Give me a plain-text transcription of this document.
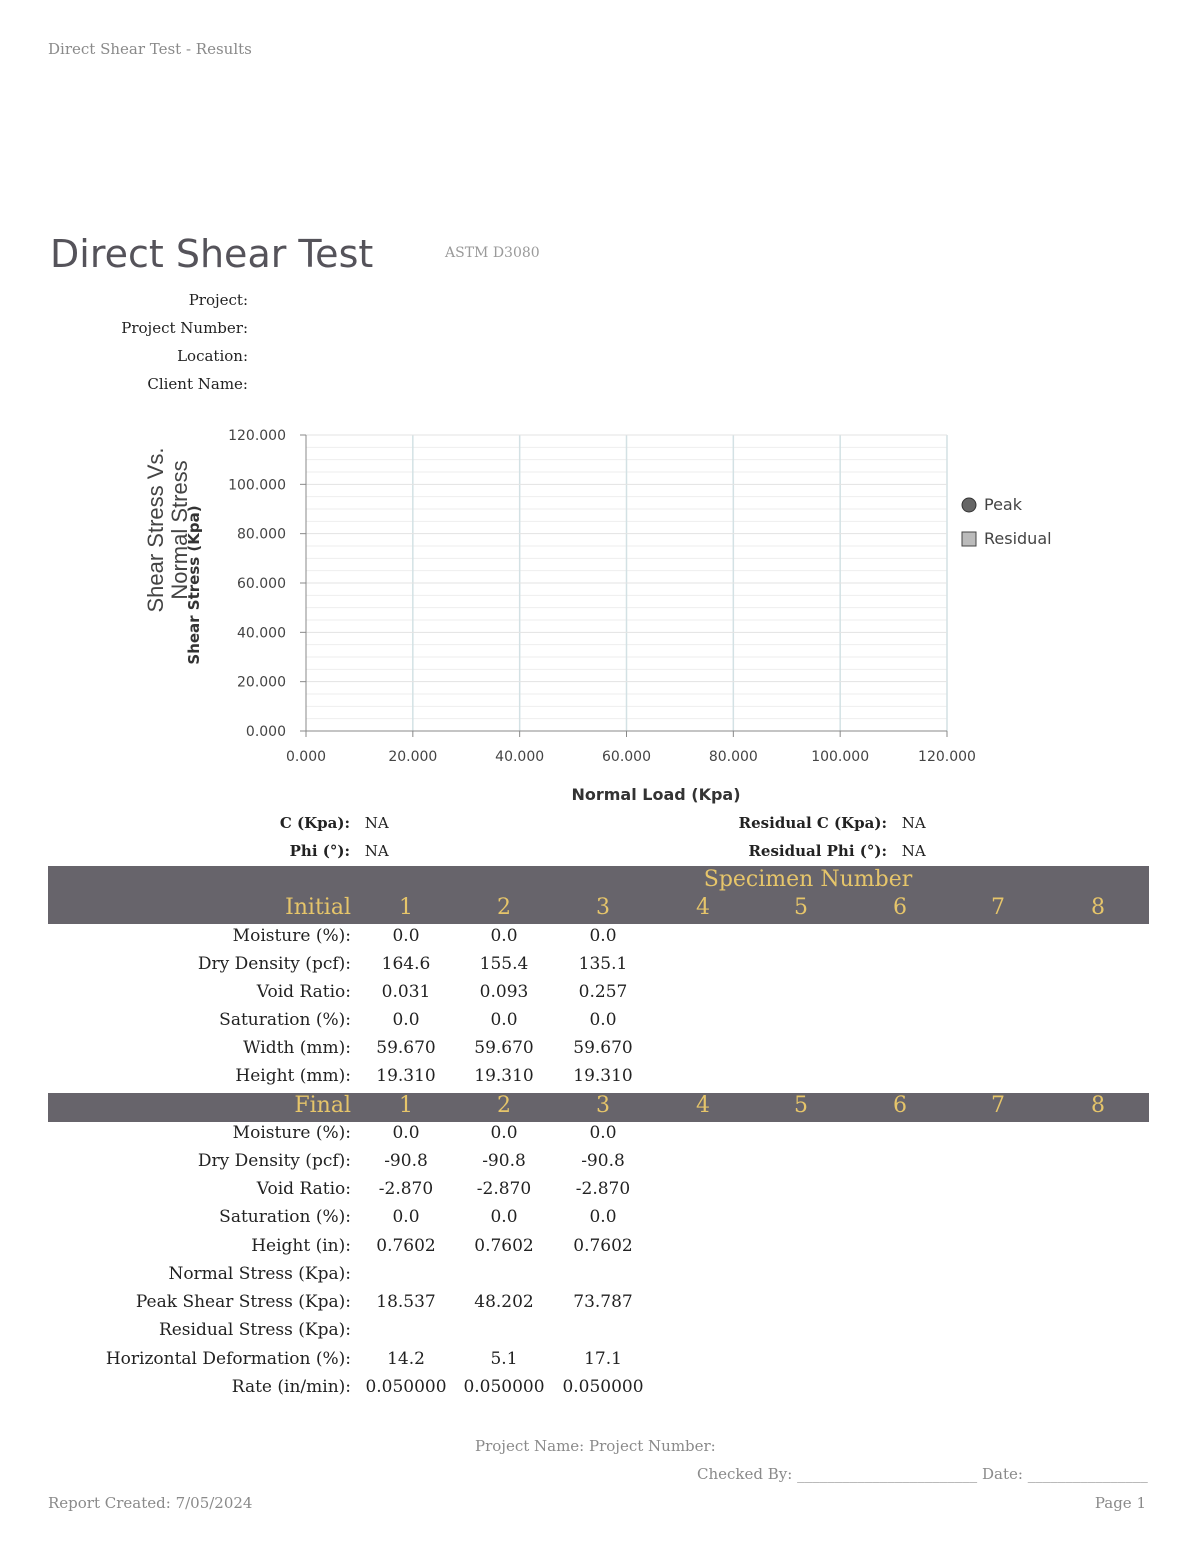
Direct Shear Test - Results
Direct Shear Test	ASTM D3080
Project:
Project Number:
Location:
Client Name:
Shear Stress Vs. Normal Stress
Shear Stress (Kpa)
Normal Load (Kpa)
0.000
20.000
40.000
60.000
80.000
100.000
120.000
0.000	20.000	40.000	60.000	80.000	100.000	120.000
Peak
Residual
C (Kpa): NA
Phi (°): NA
Residual C (Kpa): NA
Residual Phi (°): NA
Specimen Number
Initial	1	2	3	4	5	6	7	8
Moisture (%):	0.0	0.0	0.0
Dry Density (pcf):	164.6	155.4	135.1
Void Ratio:	0.031	0.093	0.257
Saturation (%):	0.0	0.0	0.0
Width (mm):	59.670	59.670	59.670
Height (mm):	19.310	19.310	19.310
Final	1	2	3	4	5	6	7	8
Moisture (%):	0.0	0.0	0.0
Dry Density (pcf):	-90.8	-90.8	-90.8
Void Ratio:	-2.870	-2.870	-2.870
Saturation (%):	0.0	0.0	0.0
Height (in):	0.7602	0.7602	0.7602
Normal Stress (Kpa):
Peak Shear Stress (Kpa):	18.537	48.202	73.787
Residual Stress (Kpa):
Horizontal Deformation (%):	14.2	5.1	17.1
Rate (in/min): 0.050000 0.050000	0.050000
Project Name: Project Number:
Checked By: ________________________ Date: ________________
Report Created: 7/05/2024	Page 1
